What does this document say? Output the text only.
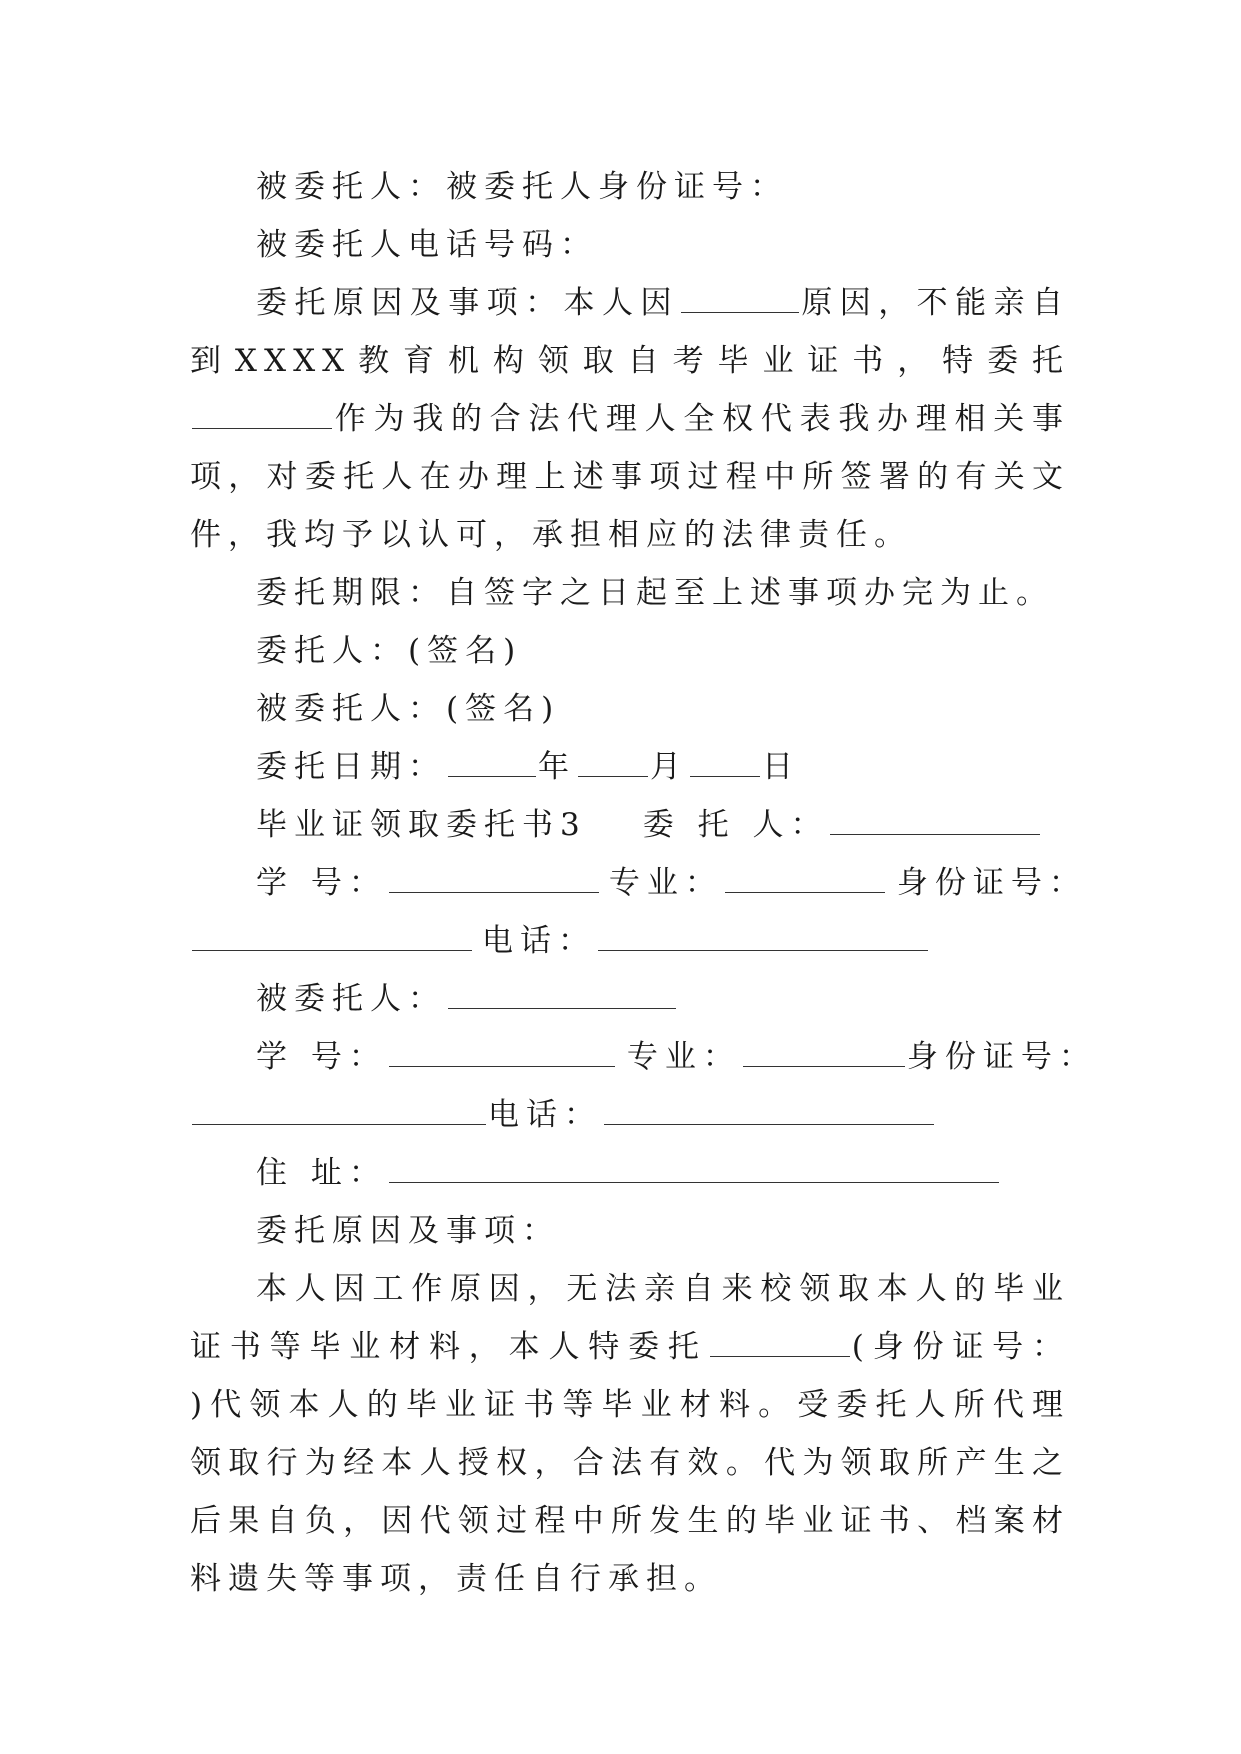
被委托人：被委托人身份证号：
被委托人电话号码：
委托原因及事项：本人因	原因，不能亲自到XXXX教育机构领取自考毕业证书，特委托作为我的合法代理人全权代表我办理相关事项，对委托人在办理上述事项过程中所签署的有关文件，我均予以认可，承担相应的法律责任。
委托期限：自签字之日起至上述事项办完为止。
委托人：(签名)
被委托人：(签名)
委托日期：	年 月 日
毕业证领取委托书3 委 托 人：
学 号：	专业：	身份证号：
电话：
被委托人：
学 号：	专业：	身份证号：
电话：
住 址：
委托原因及事项：
本人因工作原因，无法亲自来校领取本人的毕业证书等毕业材料，本人特委托	(身份证号： )代领本人的毕业证书等毕业材料。受委托人所代理领取行为经本人授权，合法有效。代为领取所产生之后果自负，因代领过程中所发生的毕业证书、档案材料遗失等事项，责任自行承担。
